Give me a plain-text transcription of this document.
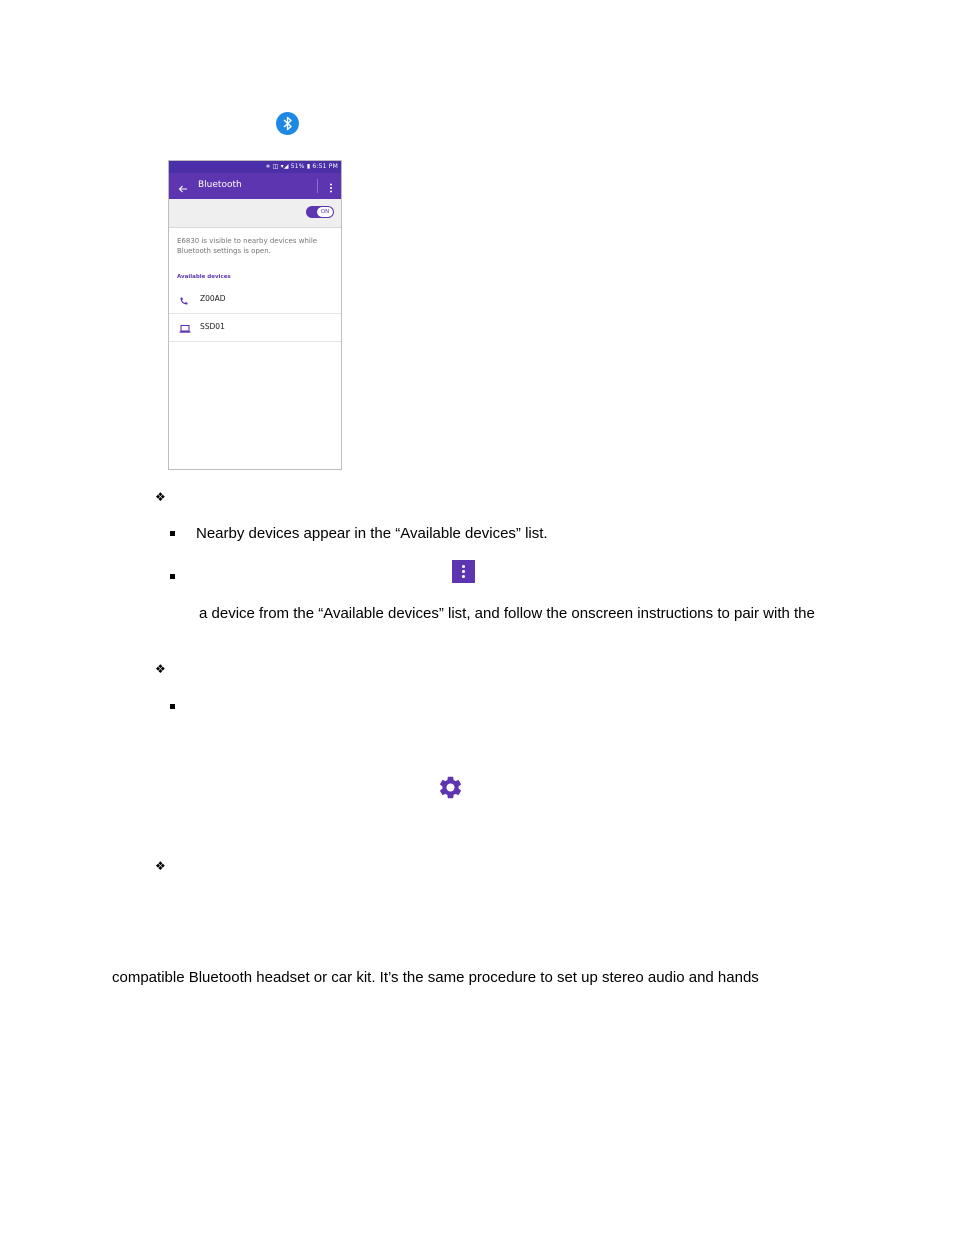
∗ ◫ ▾◢ 51% ▮ 6:51 PM
Bluetooth
ON
E6830 is visible to nearby devices while Bluetooth settings is open.
Available devices
Z00AD
SSD01
❖
Nearby devices appear in the “Available devices” list.
a device from the “Available devices” list, and follow the onscreen instructions to pair with the
❖
❖
compatible Bluetooth headset or car kit. It’s the same procedure to set up stereo audio and hands
